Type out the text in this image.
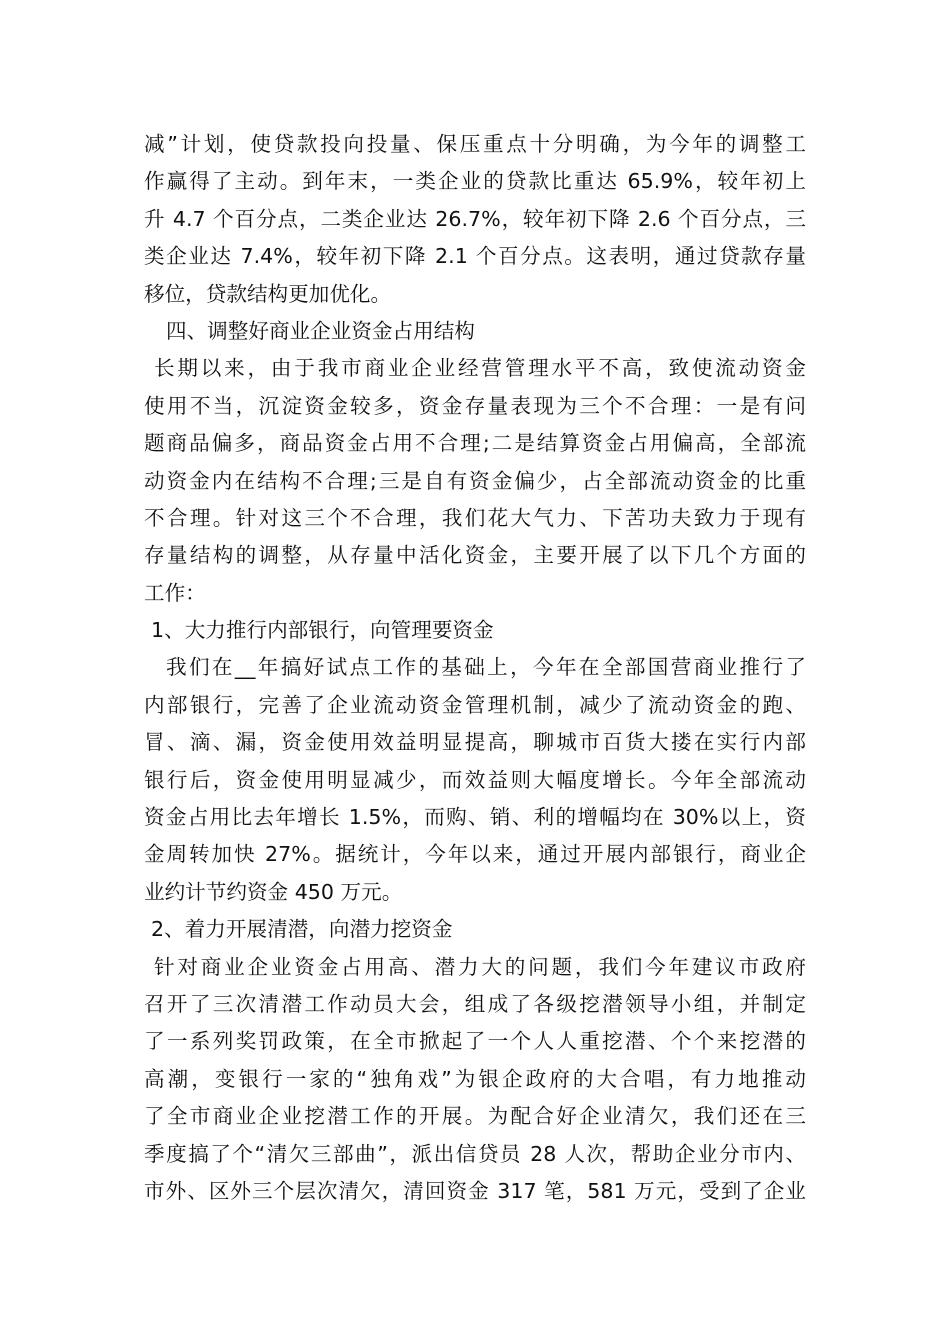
减”计划，使贷款投向投量、保压重点十分明确，为今年的调整工
作赢得了主动。到年末，一类企业的贷款比重达 65.9%，较年初上
升 4.7 个百分点，二类企业达 26.7%，较年初下降 2.6 个百分点，三
类企业达 7.4%，较年初下降 2.1 个百分点。这表明，通过贷款存量
移位，贷款结构更加优化。
四、调整好商业企业资金占用结构
长期以来，由于我市商业企业经营管理水平不高，致使流动资金
使用不当，沉淀资金较多，资金存量表现为三个不合理：一是有问
题商品偏多，商品资金占用不合理;二是结算资金占用偏高，全部流
动资金内在结构不合理;三是自有资金偏少，占全部流动资金的比重
不合理。针对这三个不合理，我们花大气力、下苦功夫致力于现有
存量结构的调整，从存量中活化资金，主要开展了以下几个方面的
工作：
1、大力推行内部银行，向管理要资金
我们在__年搞好试点工作的基础上，今年在全部国营商业推行了
内部银行，完善了企业流动资金管理机制，减少了流动资金的跑、
冒、滴、漏，资金使用效益明显提高，聊城市百货大搂在实行内部
银行后，资金使用明显减少，而效益则大幅度增长。今年全部流动
资金占用比去年增长 1.5%，而购、销、利的增幅均在 30%以上，资
金周转加快 27%。据统计，今年以来，通过开展内部银行，商业企
业约计节约资金 450 万元。
2、着力开展清潜，向潜力挖资金
针对商业企业资金占用高、潜力大的问题，我们今年建议市政府
召开了三次清潜工作动员大会，组成了各级挖潜领导小组，并制定
了一系列奖罚政策，在全市掀起了一个人人重挖潜、个个来挖潜的
高潮，变银行一家的“独角戏”为银企政府的大合唱，有力地推动
了全市商业企业挖潜工作的开展。为配合好企业清欠，我们还在三
季度搞了个“清欠三部曲”，派出信贷员 28 人次，帮助企业分市内、
市外、区外三个层次清欠，清回资金 317 笔，581 万元，受到了企业
